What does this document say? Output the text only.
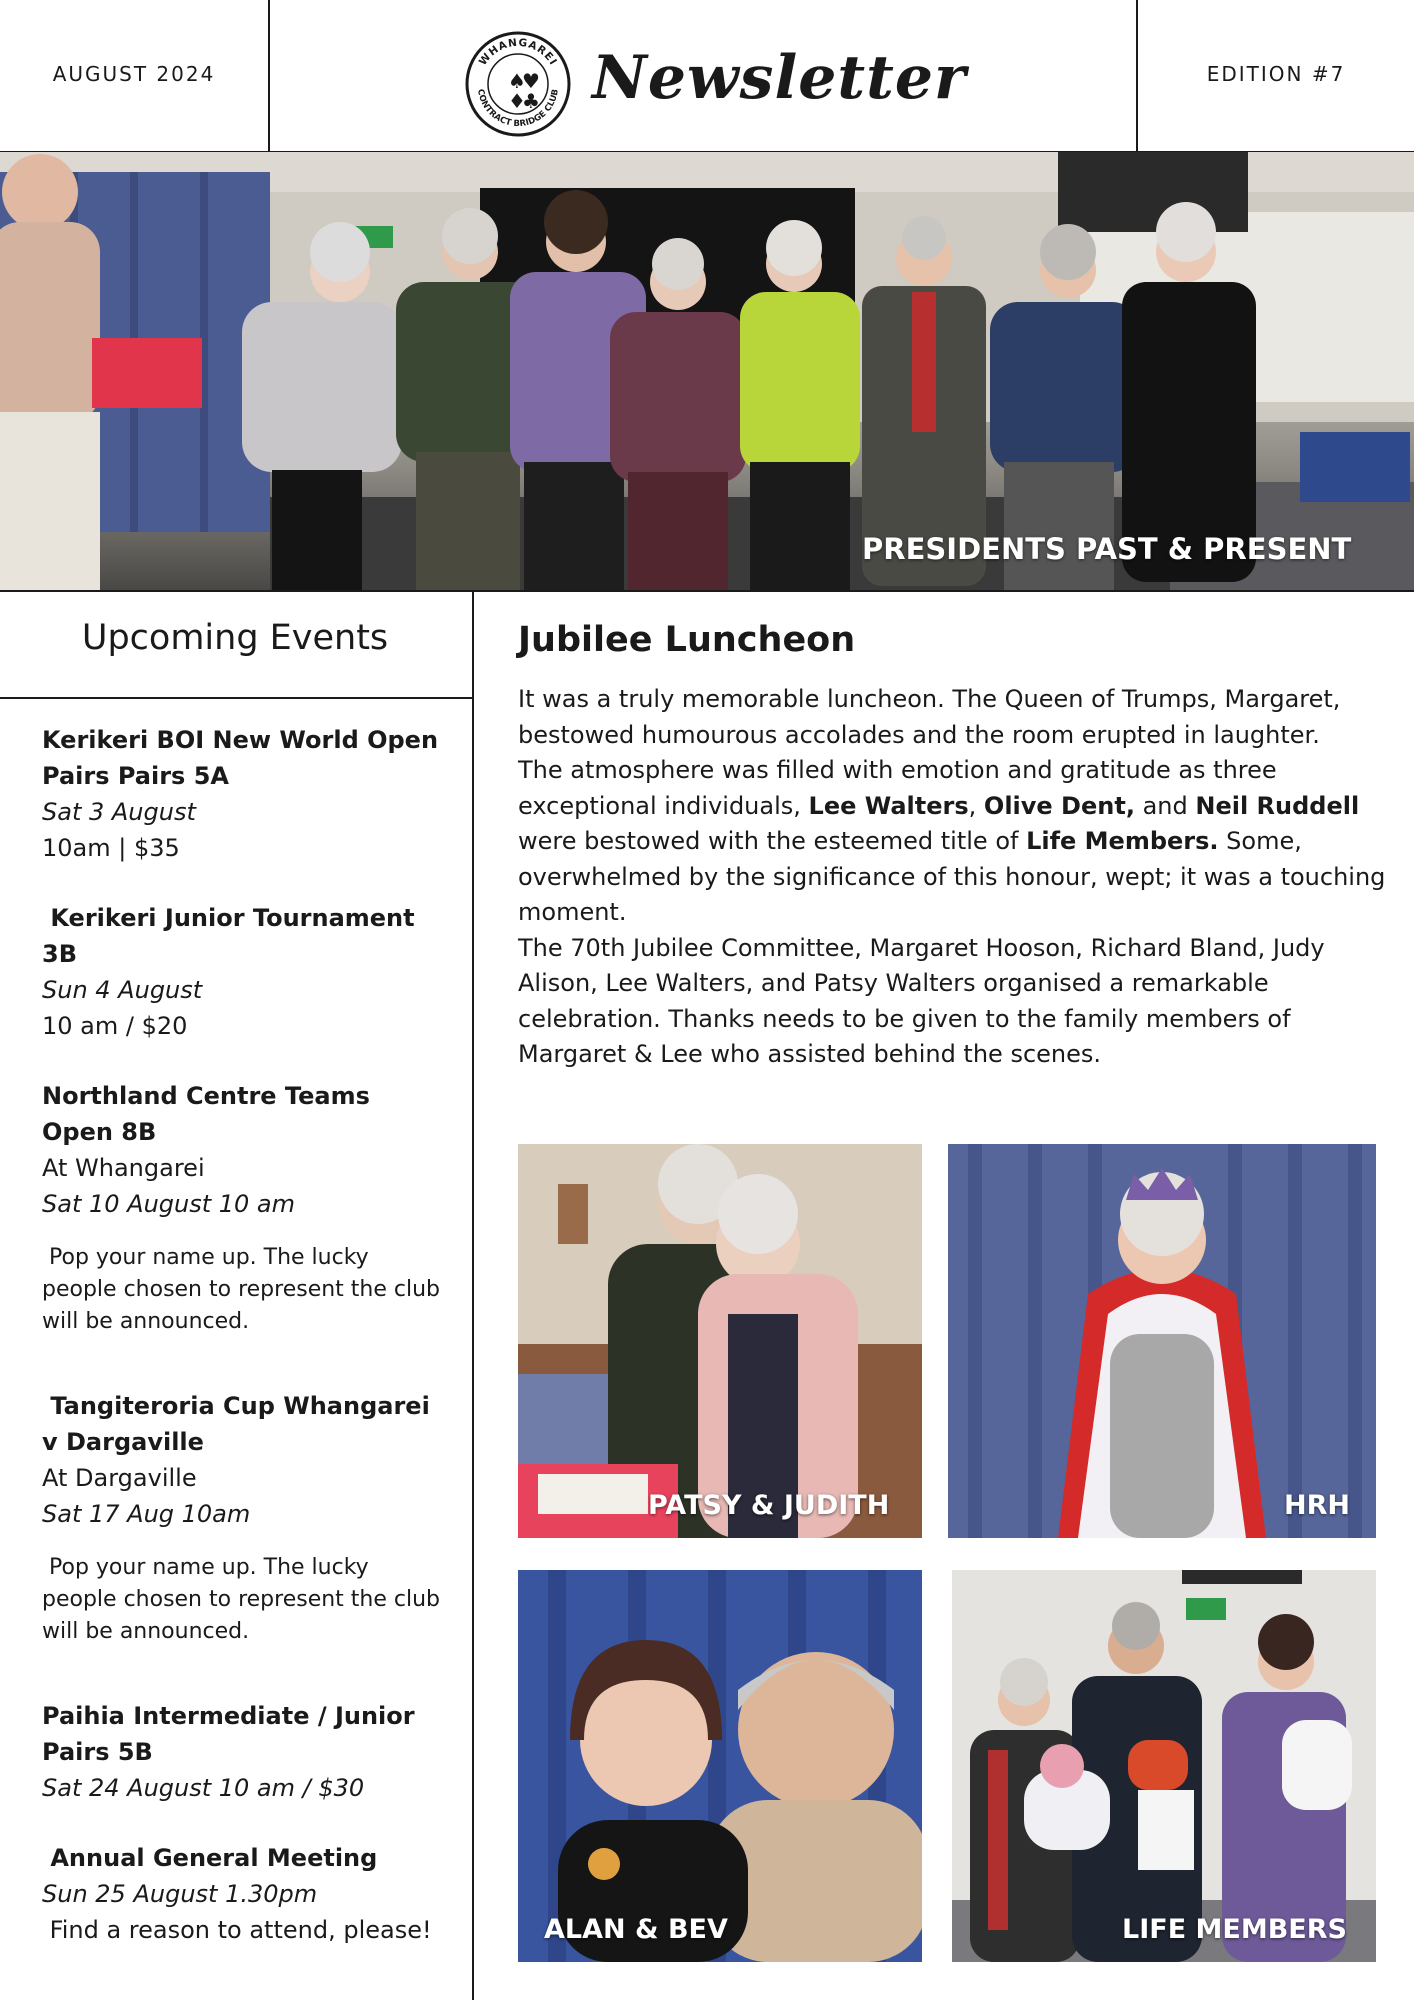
AUGUST 2024
WHANGAREI
CONTRACT BRIDGE CLUB
♠
♥
♦
♣ Newsletter	EDITION #7
PRESIDENTS PAST & PRESENT
Upcoming Events
Kerikeri BOI New World Open Pairs Pairs 5A
Sat 3 August
10am | $35
Kerikeri Junior Tournament 3B
Sun 4 August
10 am / $20
Northland Centre Teams Open 8B
At Whangarei
Sat 10 August 10 am
Pop your name up. The lucky people chosen to represent the club will be announced.
Tangiteroria Cup Whangarei v Dargaville
At Dargaville
Sat 17 Aug 10am
Pop your name up. The lucky people chosen to represent the club will be announced.
Paihia Intermediate / Junior Pairs 5B
Sat 24 August 10 am / $30
Annual General Meeting
Sun 25 August 1.30pm
Find a reason to attend, please!
Jubilee Luncheon

It was a truly memorable luncheon. The Queen of Trumps, Margaret, bestowed humourous accolades and the room erupted in laughter.

The atmosphere was filled with emotion and gratitude as three exceptional individuals, Lee Walters, Olive Dent, and Neil Ruddell were bestowed with the esteemed title of Life Members. Some, overwhelmed by the significance of this honour, wept; it was a touching moment.

The 70th Jubilee Committee, Margaret Hooson, Richard Bland, Judy Alison, Lee Walters, and Patsy Walters organised a remarkable celebration. Thanks needs to be given to the family members of Margaret & Lee who assisted behind the scenes.

PATSY & JUDITH	HRH
ALAN & BEV	LIFE MEMBERS
